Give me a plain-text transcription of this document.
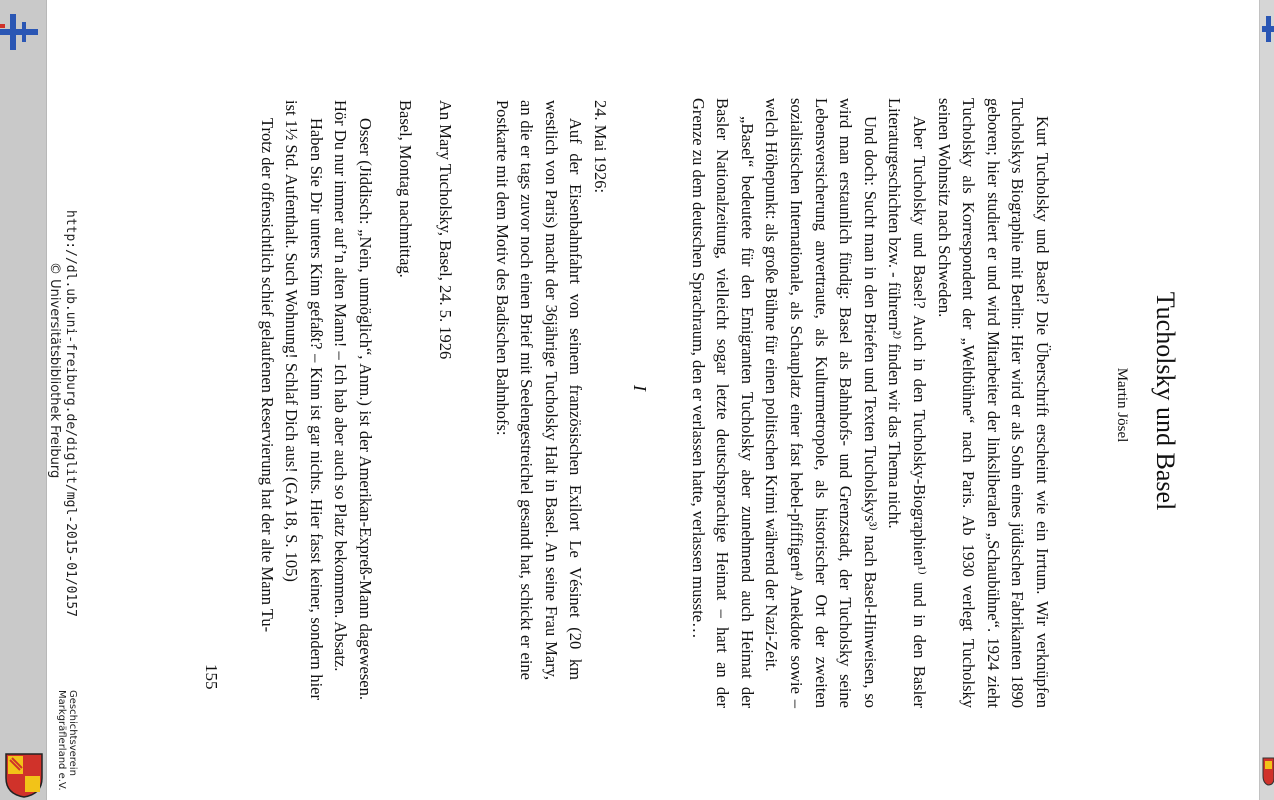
Tucholsky und Basel
Martin Jösel

Kurt Tucholsky und Basel? Die Überschrift erscheint wie ein Irrtum. Wir verknüpfen Tucholskys Biographie mit Berlin: Hier wird er als Sohn eines jüdischen Fabrikanten 1890 geboren; hier studiert er und wird Mitarbeiter der linksliberalen „Schaubühne“. 1924 zieht Tucholsky als Korrespondent der „Weltbühne“ nach Paris. Ab 1930 verlegt Tucholsky seinen Wohnsitz nach Schweden.

Aber Tucholsky und Basel? Auch in den Tucholsky-Biographien¹⁾ und in den Basler Literaturgeschichten bzw. - führern²⁾ finden wir das Thema nicht.

Und doch: Sucht man in den Briefen und Texten Tucholskys³⁾ nach Basel-Hinweisen, so wird man erstaunlich fündig: Basel als Bahnhofs- und Grenzstadt, der Tucholsky seine Lebensversicherung anvertraute, als Kulturmetropole, als historischer Ort der zweiten sozialistischen Internationale, als Schauplatz einer fast hebel-pfiffigen⁴⁾ Anekdote sowie – welch Höhepunkt: als große Bühne für einen politischen Krimi während der Nazi-Zeit.

„Basel“ bedeutete für den Emigranten Tucholsky aber zunehmend auch Heimat der Basler Nationalzeitung, vielleicht sogar letzte deutschsprachige Heimat – hart an der Grenze zu dem deutschen Sprachraum, den er verlassen hatte, verlassen musste…

I

24. Mai 1926:

Auf der Eisenbahnfahrt von seinem französischen Exilort Le Vésinet (20 km westlich von Paris) macht der 36jährige Tucholsky Halt in Basel. An seine Frau Mary, an die er tags zuvor noch einen Brief mit Seelengestreichel gesandt hat, schickt er eine Postkarte mit dem Motiv des Badischen Bahnhofs:

An Mary Tucholsky, Basel, 24. 5. 1926

Basel, Montag nachmittag.

Osser (Jiddisch: „Nein, unmöglich“, Anm.) ist der Amerikan-Expreß-Mann dagewesen. Hör Du nur immer auf’n alten Mann! – Ich hab aber auch so Platz bekommen. Absatz.

Haben Sie Dir unters Kinn gefaßt? – Kinn ist gar nichts. Hier fasst keiner, sondern hier ist 1½ Std. Aufenthalt. Such Wohnung! Schlaf Dich aus! (GA 18, S. 105)

Trotz der offensichtlich schief gelaufenen Reservierung hat der alte Mann Tu-

155
http://dl.ub.uni-freiburg.de/diglit/mgl-2015-01/0157
© Universitätsbibliothek Freiburg
Geschichtsverein
Markgräflerland e.V.
